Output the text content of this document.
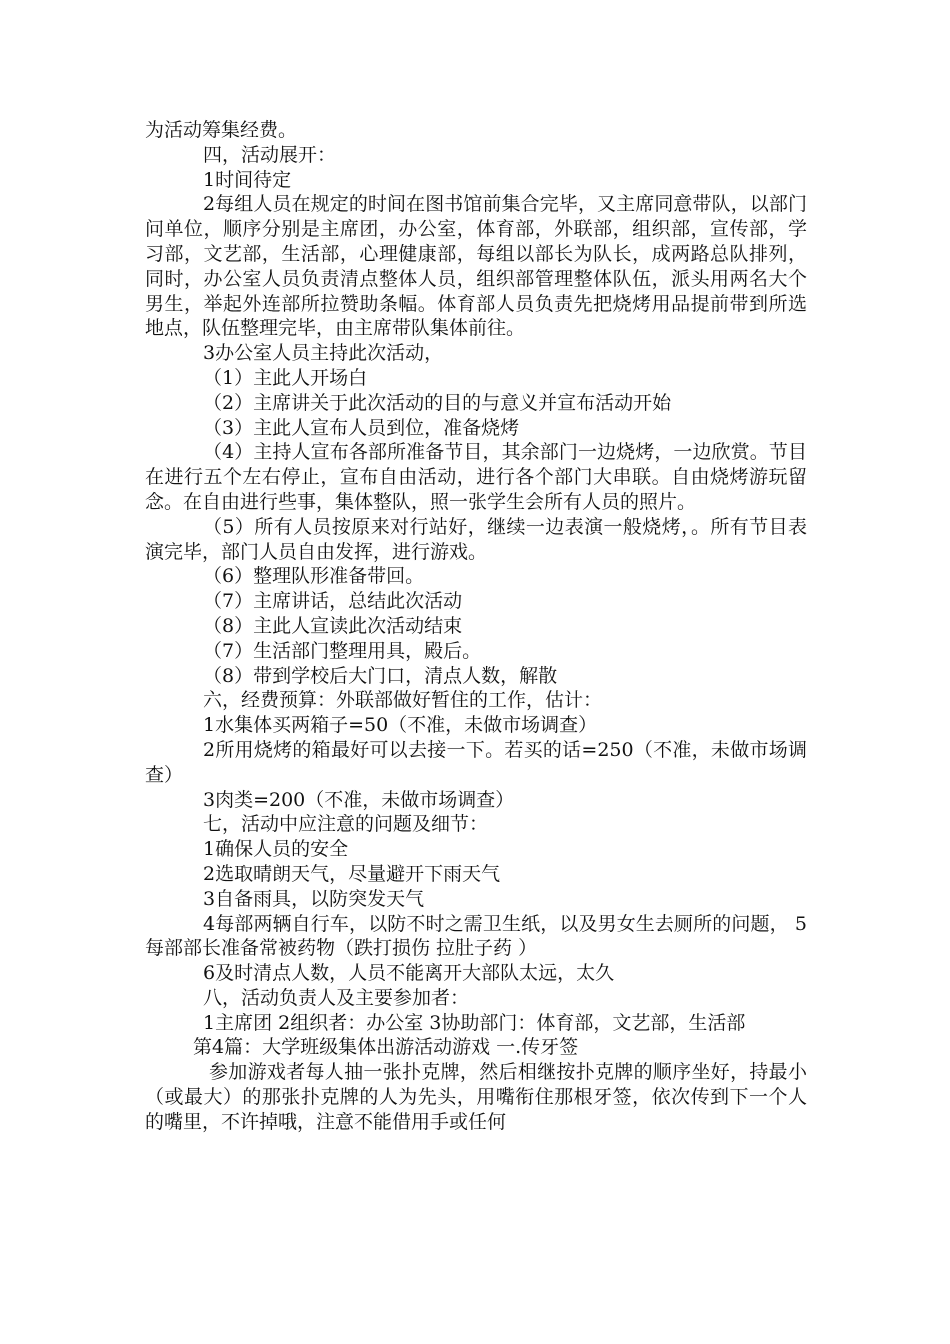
为活动筹集经费。

四，活动展开：

1时间待定

2每组人员在规定的时间在图书馆前集合完毕，又主席同意带队，以部门问单位，顺序分别是主席团，办公室，体育部，外联部，组织部，宣传部，学习部，文艺部，生活部，心理健康部，每组以部长为队长，成两路总队排列，同时，办公室人员负责清点整体人员，组织部管理整体队伍，派头用两名大个男生，举起外连部所拉赞助条幅。体育部人员负责先把烧烤用品提前带到所选地点，队伍整理完毕，由主席带队集体前往。

3办公室人员主持此次活动，

（1）主此人开场白

（2）主席讲关于此次活动的目的与意义并宣布活动开始

（3）主此人宣布人员到位，准备烧烤

（4）主持人宣布各部所准备节目，其余部门一边烧烤，一边欣赏。节目在进行五个左右停止，宣布自由活动，进行各个部门大串联。自由烧烤游玩留念。在自由进行些事，集体整队，照一张学生会所有人员的照片。

（5）所有人员按原来对行站好，继续一边表演一般烧烤，。所有节目表演完毕，部门人员自由发挥，进行游戏。

（6）整理队形准备带回。

（7）主席讲话，总结此次活动

（8）主此人宣读此次活动结束

（7）生活部门整理用具，殿后。

（8）带到学校后大门口，清点人数，解散

六，经费预算：外联部做好暂住的工作，估计：

1水集体买两箱子=50（不准，未做市场调查）

2所用烧烤的箱最好可以去接一下。若买的话=250（不准，未做市场调查）

3肉类=200（不准，未做市场调查）

七，活动中应注意的问题及细节：

1确保人员的安全

2选取晴朗天气，尽量避开下雨天气

3自备雨具，以防突发天气

4每部两辆自行车，以防不时之需卫生纸，以及男女生去厕所的问题， 5每部部长准备常被药物（跌打损伤 拉肚子药 ）

6及时清点人数，人员不能离开大部队太远，太久

八，活动负责人及主要参加者：

1主席团 2组织者：办公室 3协助部门：体育部，文艺部，生活部

第4篇：大学班级集体出游活动游戏 一.传牙签

参加游戏者每人抽一张扑克牌，然后相继按扑克牌的顺序坐好，持最小（或最大）的那张扑克牌的人为先头，用嘴衔住那根牙签，依次传到下一个人的嘴里，不许掉哦，注意不能借用手或任何
